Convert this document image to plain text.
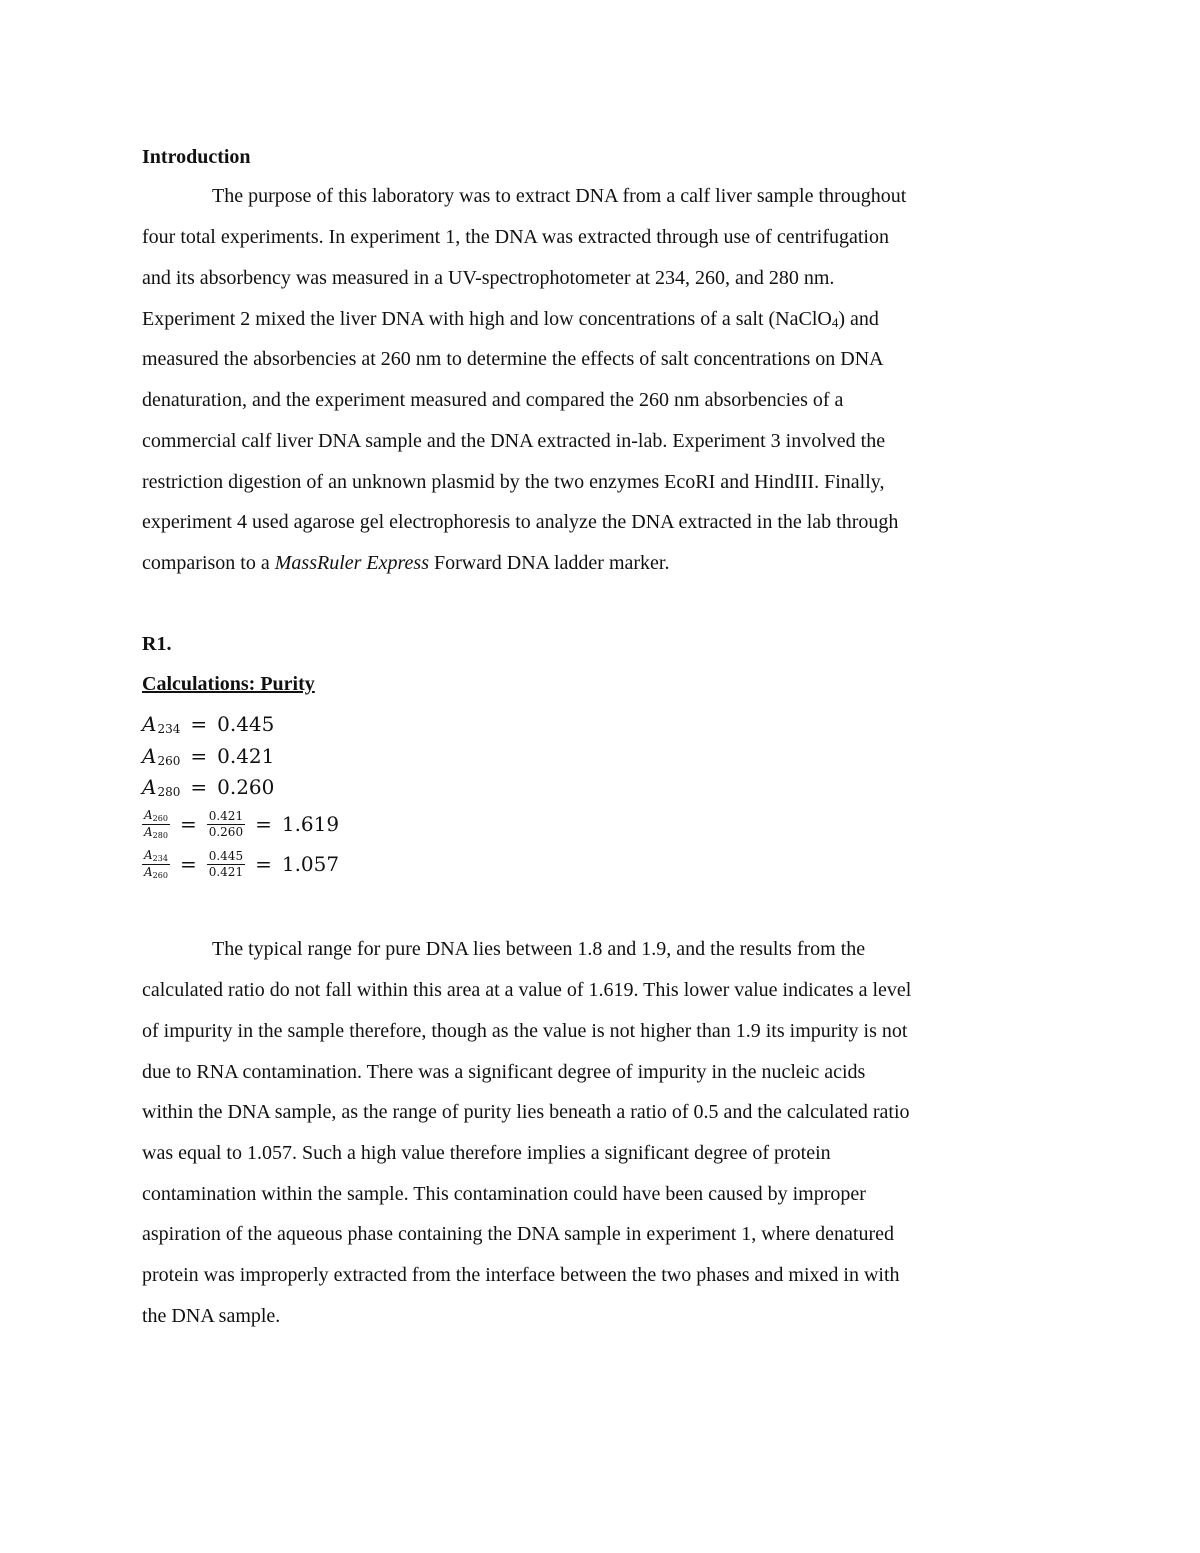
Introduction
The purpose of this laboratory was to extract DNA from a calf liver sample throughout
four total experiments. In experiment 1, the DNA was extracted through use of centrifugation
and its absorbency was measured in a UV-spectrophotometer at 234, 260, and 280 nm.
Experiment 2 mixed the liver DNA with high and low concentrations of a salt (NaClO$_4$) and
measured the absorbencies at 260 nm to determine the effects of salt concentrations on DNA
denaturation, and the experiment measured and compared the 260 nm absorbencies of a
commercial calf liver DNA sample and the DNA extracted in-lab. Experiment 3 involved the
restriction digestion of an unknown plasmid by the two enzymes EcoRI and HindIII. Finally,
experiment 4 used agarose gel electrophoresis to analyze the DNA extracted in the lab through
comparison to a MassRuler Express Forward DNA ladder marker.
R1.
Calculations: Purity
A 234 = 0.445
A 260 = 0.421
A 280 = 0.260
$\frac{A260}{A280} = \frac{0.421}{0.260} = 1.619$
$\frac{A234}{A260} = \frac{0.445}{0.421} = 1.057$
The typical range for pure DNA lies between 1.8 and 1.9, and the results from the
calculated ratio do not fall within this area at a value of 1.619. This lower value indicates a level
of impurity in the sample therefore, though as the value is not higher than 1.9 its impurity is not
due to RNA contamination. There was a significant degree of impurity in the nucleic acids
within the DNA sample, as the range of purity lies beneath a ratio of 0.5 and the calculated ratio
was equal to 1.057. Such a high value therefore implies a significant degree of protein
contamination within the sample. This contamination could have been caused by improper
aspiration of the aqueous phase containing the DNA sample in experiment 1, where denatured
protein was improperly extracted from the interface between the two phases and mixed in with
the DNA sample.
